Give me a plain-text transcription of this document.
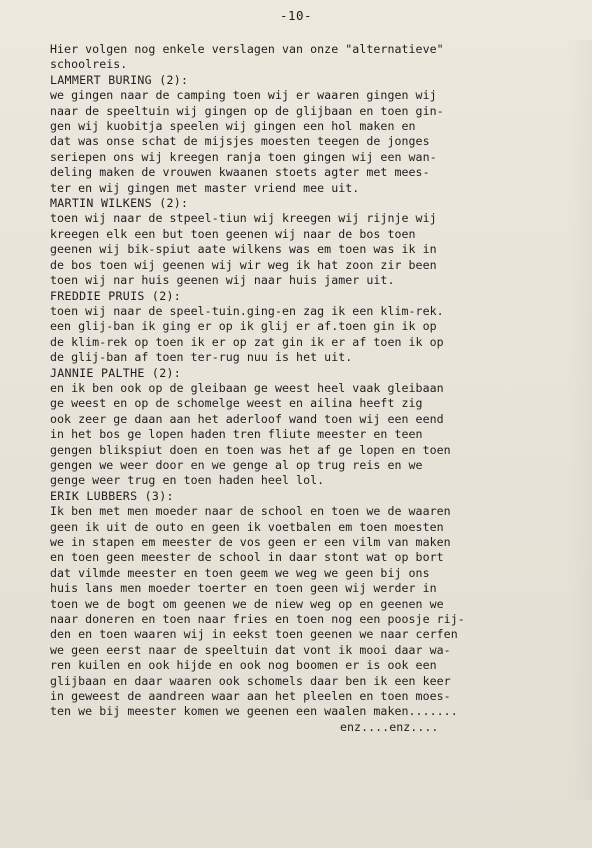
-10-
Hier volgen nog enkele verslagen van onze "alternatieve"
schoolreis.
LAMMERT BURING (2):
we gingen naar de camping toen wij er waaren gingen wij
naar de speeltuin wij gingen op de glijbaan en toen gin-
gen wij kuobitja speelen wij gingen een hol maken en
dat was onse schat de mijsjes moesten teegen de jonges
seriepen ons wij kreegen ranja toen gingen wij een wan-
deling maken de vrouwen kwaanen stoets agter met mees-
ter en wij gingen met master vriend mee uit.
MARTIN WILKENS (2):
toen wij naar de stpeel-tiun wij kreegen wij rijnje wij
kreegen elk een but toen geenen wij naar de bos toen
geenen wij bik-spiut aate wilkens was em toen was ik in
de bos toen wij geenen wij wir weg ik hat zoon zir been
toen wij nar huis geenen wij naar huis jamer uit.
FREDDIE PRUIS (2):
toen wij naar de speel-tuin.ging-en zag ik een klim-rek.
een glij-ban ik ging er op ik glij er af.toen gin ik op
de klim-rek op toen ik er op zat gin ik er af toen ik op
de glij-ban af toen ter-rug nuu is het uit.
JANNIE PALTHE (2):
en ik ben ook op de gleibaan ge weest heel vaak gleibaan
ge weest en op de schomelge weest en ailina heeft zig
ook zeer ge daan aan het aderloof wand toen wij een eend
in het bos ge lopen haden tren fliute meester en teen
gengen blikspiut doen en toen was het af ge lopen en toen
gengen we weer door en we genge al op trug reis en we
genge weer trug en toen haden heel lol.
ERIK LUBBERS (3):
Ik ben met men moeder naar de school en toen we de waaren
geen ik uit de outo en geen ik voetbalen em toen moesten
we in stapen em meester de vos geen er een vilm van maken
en toen geen meester de school in daar stont wat op bort
dat vilmde meester en toen geem we weg we geen bij ons
huis lans men moeder toerter en toen geen wij werder in
toen we de bogt om geenen we de niew weg op en geenen we
naar doneren en toen naar fries en toen nog een poosje rij-
den en toen waaren wij in eekst toen geenen we naar cerfen
we geen eerst naar de speeltuin dat vont ik mooi daar wa-
ren kuilen en ook hijde en ook nog boomen er is ook een
glijbaan en daar waaren ook schomels daar ben ik een keer
in geweest de aandreen waar aan het pleelen en toen moes-
ten we bij meester komen we geenen een waalen maken.......
enz....enz....
